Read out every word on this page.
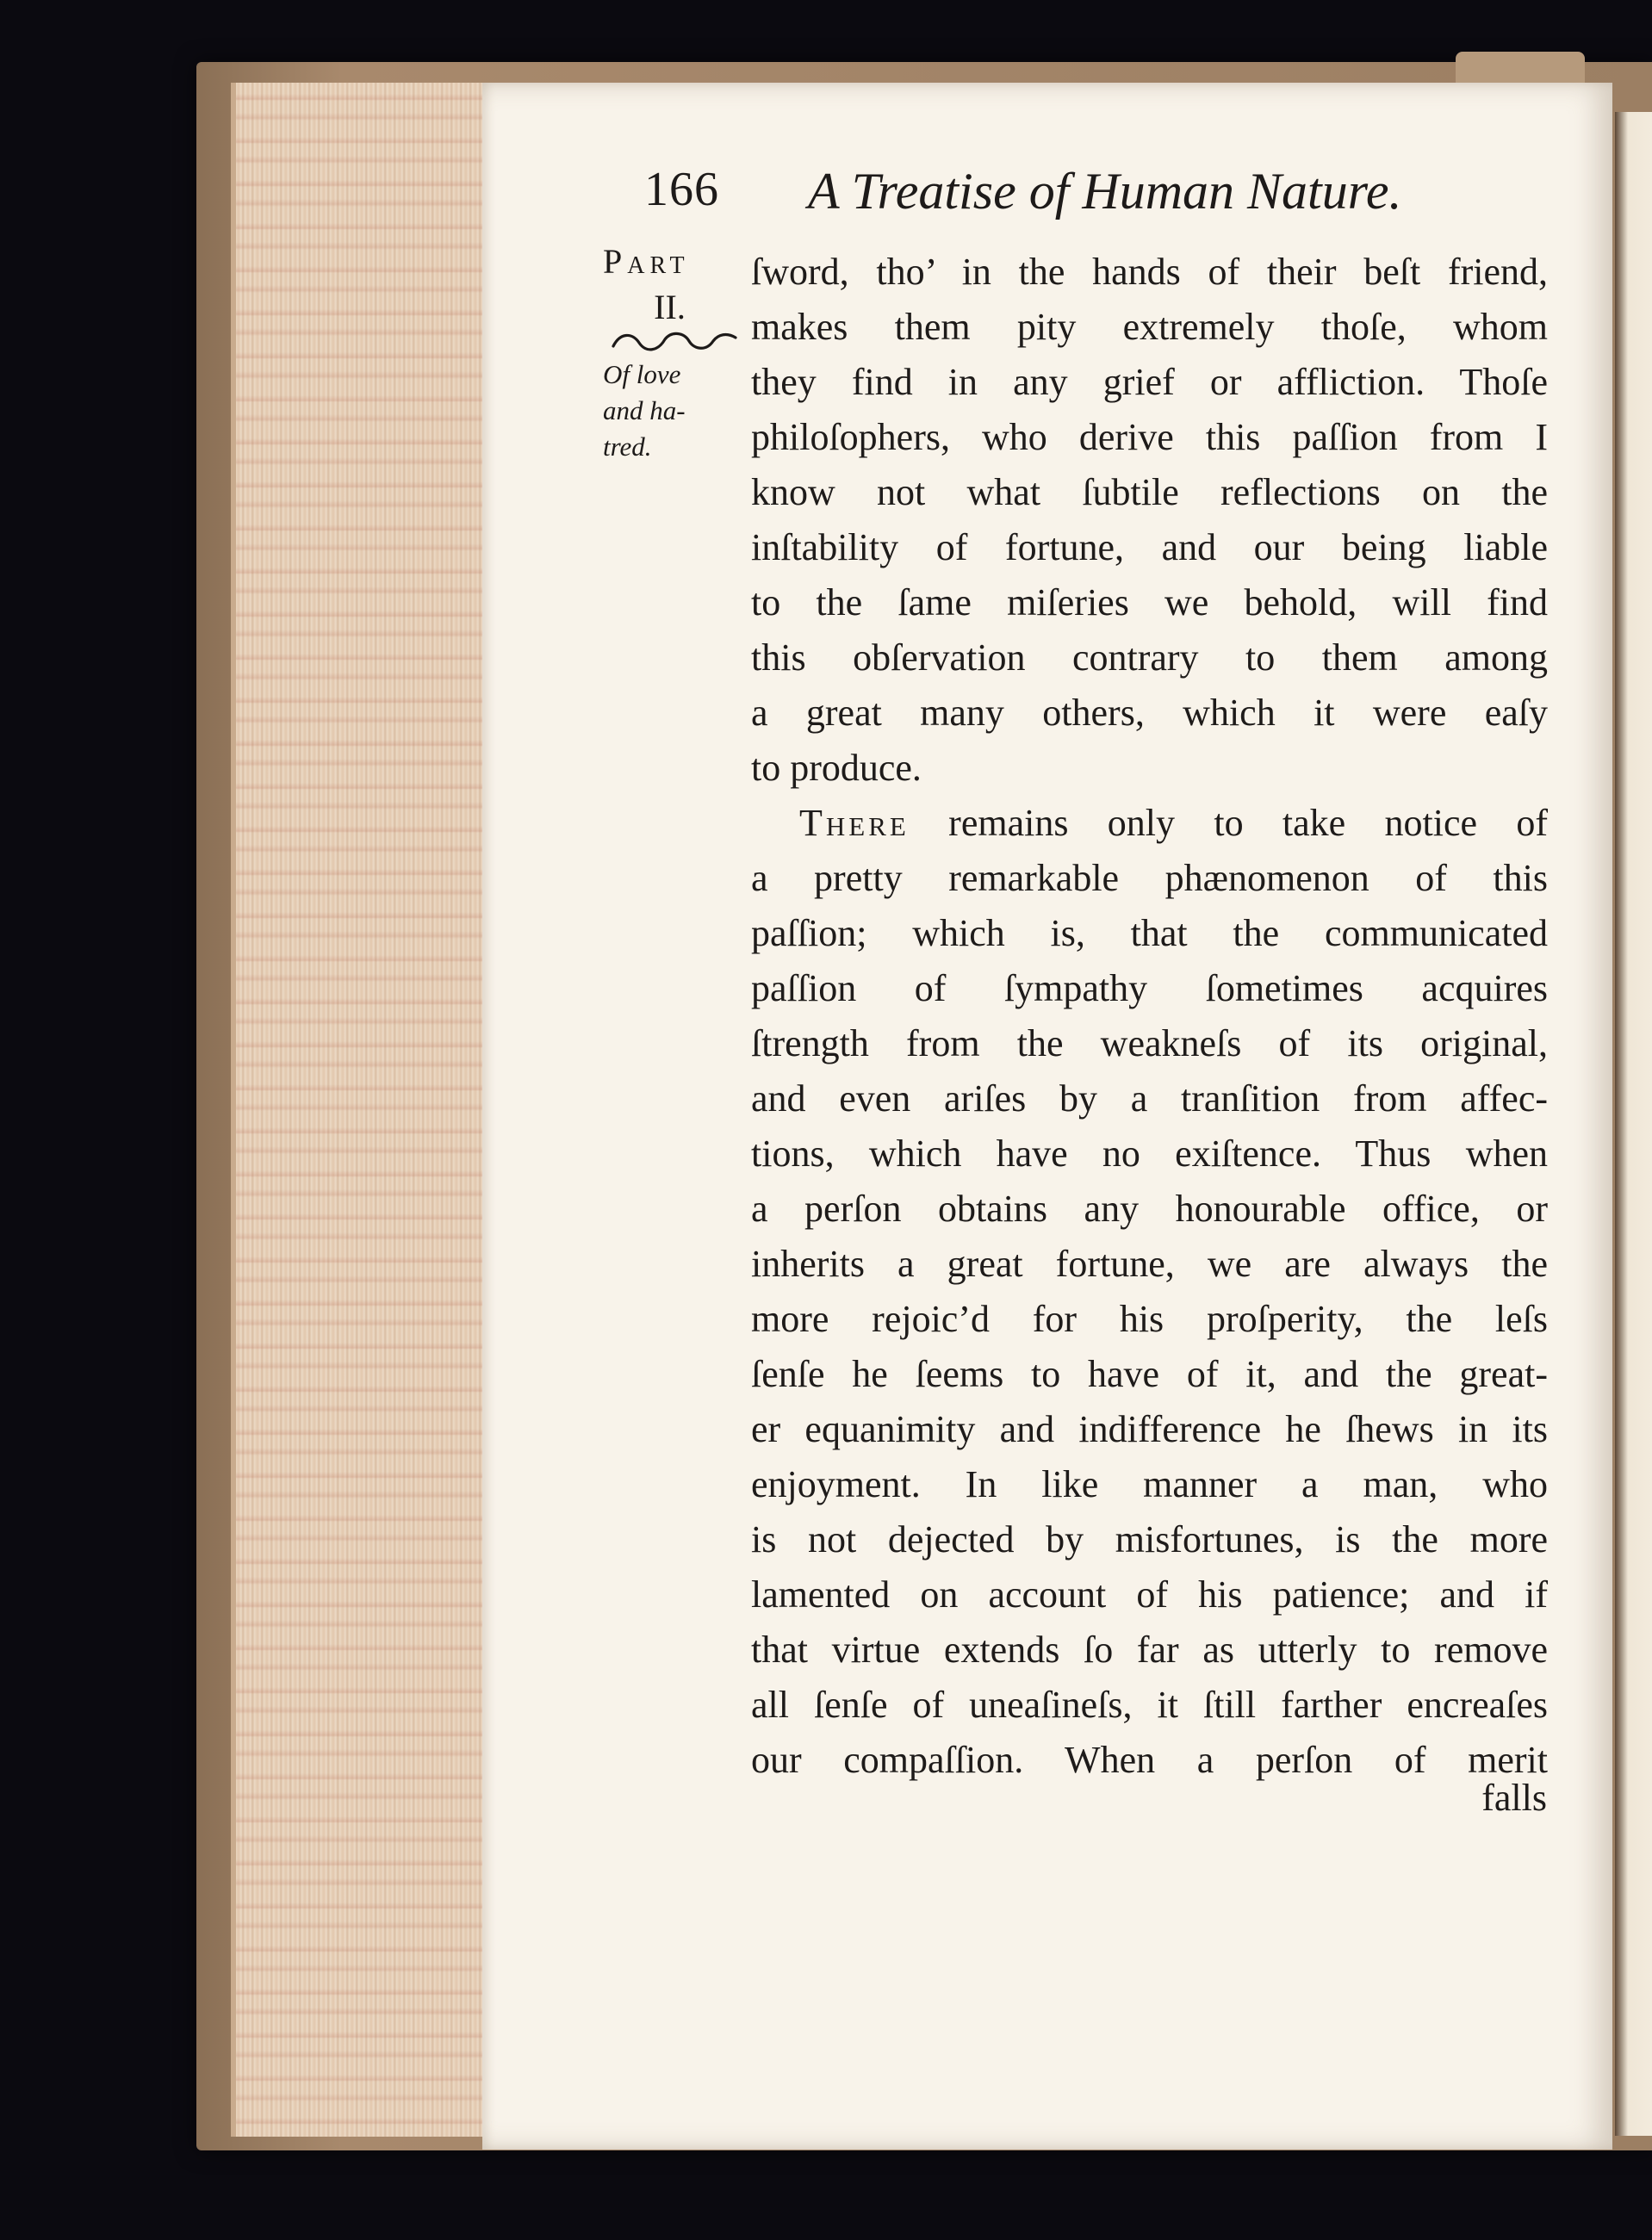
166 A Treatise of Human Nature.
Part
II.
Of love
and ha-
tred.
ſword, tho’ in the hands of their beſt friend,
makes them pity extremely thoſe, whom
they find in any grief or affliction. Thoſe
philoſophers, who derive this paſſion from I
know not what ſubtile reflections on the
inſtability of fortune, and our being liable
to the ſame miſeries we behold, will find
this obſervation contrary to them among
a great many others, which it were eaſy
to produce.
There remains only to take notice of
a pretty remarkable phænomenon of this
paſſion; which is, that the communicated
paſſion of ſympathy ſometimes acquires
ſtrength from the weakneſs of its original,
and even ariſes by a tranſition from affec-
tions, which have no exiſtence. Thus when
a perſon obtains any honourable office, or
inherits a great fortune, we are always the
more rejoic’d for his proſperity, the leſs
ſenſe he ſeems to have of it, and the great-
er equanimity and indifference he ſhews in its
enjoyment. In like manner a man, who
is not dejected by misfortunes, is the more
lamented on account of his patience; and if
that virtue extends ſo far as utterly to remove
all ſenſe of uneaſineſs, it ſtill farther encreaſes
our compaſſion. When a perſon of merit
falls
